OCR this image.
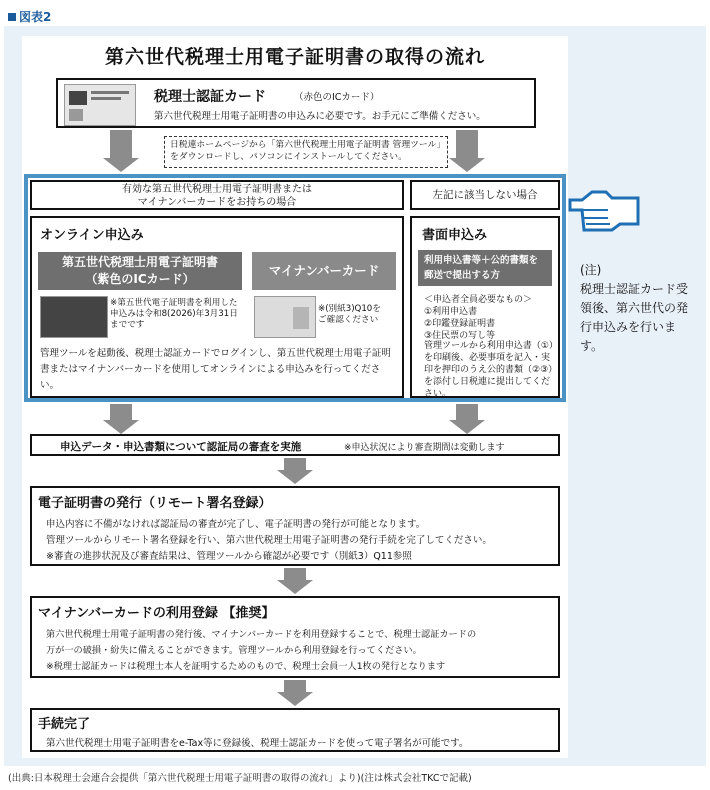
図表2
第六世代税理士用電子証明書の取得の流れ
税理士認証カード	（赤色のICカード）
第六世代税理士用電子証明書の申込みに必要です。お手元にご準備ください。
日税連ホームページから「第六世代税理士用電子証明書 管理ツール」をダウンロードし、パソコンにインストールしてください。
有効な第五世代税理士用電子証明書または
マイナンバーカードをお持ちの場合
左記に該当しない場合
オンライン申込み
第五世代税理士用電子証明書
（紫色のICカード）
※第五世代電子証明書を利用した申込みは令和8(2026)年3月31日までです
マイナンバーカード
※(別紙3)Q10を
ご確認ください
管理ツールを起動後、税理士認証カードでログインし、第五世代税理士用電子証明書またはマイナンバーカードを使用してオンラインによる申込みを行ってください。
書面申込み
利用申込書等＋公的書類を郵送で提出する方
＜申込者全員必要なもの＞
①利用申込書
②印鑑登録証明書
③住民票の写し等
管理ツールから利用申込書（①）を印刷後、必要事項を記入・実印を押印のうえ公的書類（②③）を添付し日税連に提出してください。
(注)
税理士認証カード受領後、第六世代の発行申込みを行います。
申込データ・申込書類について認証局の審査を実施	※申込状況により審査期間は変動します
電子証明書の発行（リモート署名登録）
申込内容に不備がなければ認証局の審査が完了し、電子証明書の発行が可能となります。
管理ツールからリモート署名登録を行い、第六世代税理士用電子証明書の発行手続を完了してください。
※審査の進捗状況及び審査結果は、管理ツールから確認が必要です（別紙3）Q11参照
マイナンバーカードの利用登録 【推奨】
第六世代税理士用電子証明書の発行後、マイナンバーカードを利用登録することで、税理士認証カードの
万が一の破損・紛失に備えることができます。管理ツールから利用登録を行ってください。
※税理士認証カードは税理士本人を証明するためのもので、税理士会員一人1枚の発行となります
手続完了
第六世代税理士用電子証明書をe-Tax等に登録後、税理士認証カードを使って電子署名が可能です。
(出典:日本税理士会連合会提供「第六世代税理士用電子証明書の取得の流れ」より)(注は株式会社TKCで記載)
